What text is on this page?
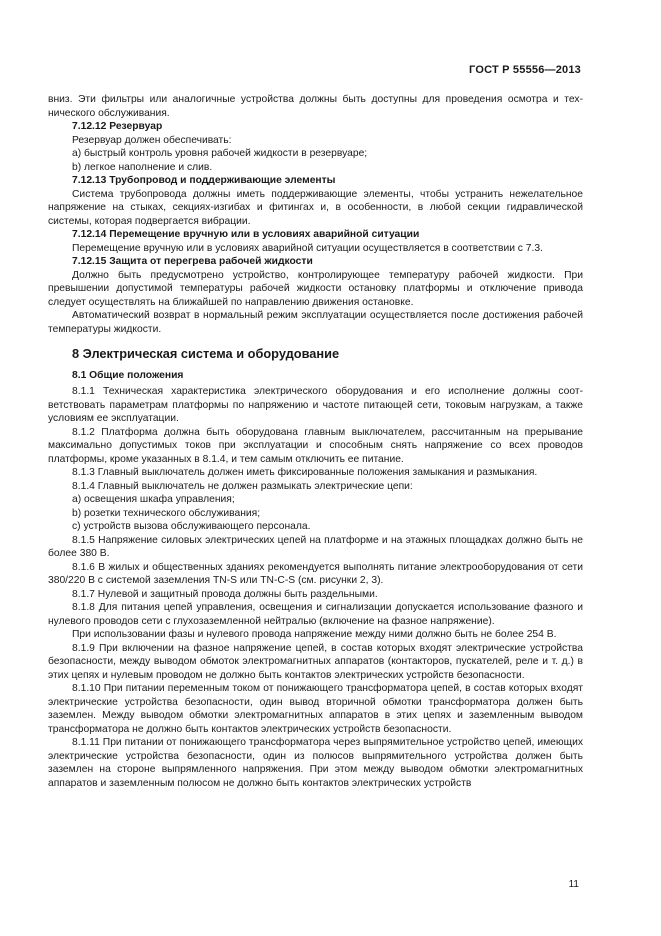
ГОСТ Р 55556—2013

вниз. Эти фильтры или аналогичные устройства должны быть доступны для проведения осмотра и технического обслуживания.

7.12.12 Резервуар

Резервуар должен обеспечивать:

a) быстрый контроль уровня рабочей жидкости в резервуаре;

b) легкое наполнение и слив.

7.12.13 Трубопровод и поддерживающие элементы

Система трубопровода должны иметь поддерживающие элементы, чтобы устранить нежелательное напряжение на стыках, секциях-изгибах и фитингах и, в особенности, в любой секции гидравлической системы, которая подвергается вибрации.

7.12.14 Перемещение вручную или в условиях аварийной ситуации

Перемещение вручную или в условиях аварийной ситуации осуществляется в соответствии с 7.3.

7.12.15 Защита от перегрева рабочей жидкости

Должно быть предусмотрено устройство, контролирующее температуру рабочей жидкости. При превышении допустимой температуры рабочей жидкости остановку платформы и отключение привода следует осуществлять на ближайшей по направлению движения остановке.

Автоматический возврат в нормальный режим эксплуатации осуществляется после достижения рабочей температуры жидкости.

8 Электрическая система и оборудование

8.1 Общие положения

8.1.1 Техническая характеристика электрического оборудования и его исполнение должны соответствовать параметрам платформы по напряжению и частоте питающей сети, токовым нагрузкам, а также условиям ее эксплуатации.

8.1.2 Платформа должна быть оборудована главным выключателем, рассчитанным на прерывание максимально допустимых токов при эксплуатации и способным снять напряжение со всех проводов платформы, кроме указанных в 8.1.4, и тем самым отключить ее питание.

8.1.3 Главный выключатель должен иметь фиксированные положения замыкания и размыкания.

8.1.4 Главный выключатель не должен размыкать электрические цепи:

a) освещения шкафа управления;

b) розетки технического обслуживания;

c) устройств вызова обслуживающего персонала.

8.1.5 Напряжение силовых электрических цепей на платформе и на этажных площадках должно быть не более 380 В.

8.1.6 В жилых и общественных зданиях рекомендуется выполнять питание электрооборудования от сети 380/220 В с системой заземления TN-S или TN-C-S (см. рисунки 2, 3).

8.1.7 Нулевой и защитный провода должны быть раздельными.

8.1.8 Для питания цепей управления, освещения и сигнализации допускается использование фазного и нулевого проводов сети с глухозаземленной нейтралью (включение на фазное напряжение).

При использовании фазы и нулевого провода напряжение между ними должно быть не более 254 В.

8.1.9 При включении на фазное напряжение цепей, в состав которых входят электрические устройства безопасности, между выводом обмоток электромагнитных аппаратов (контакторов, пускателей, реле и т. д.) в этих цепях и нулевым проводом не должно быть контактов электрических устройств безопасности.

8.1.10 При питании переменным током от понижающего трансформатора цепей, в состав которых входят электрические устройства безопасности, один вывод вторичной обмотки трансформатора должен быть заземлен. Между выводом обмотки электромагнитных аппаратов в этих цепях и заземленным выводом трансформатора не должно быть контактов электрических устройств безопасности.

8.1.11 При питании от понижающего трансформатора через выпрямительное устройство цепей, имеющих электрические устройства безопасности, один из полюсов выпрямительного устройства должен быть заземлен на стороне выпрямленного напряжения. При этом между выводом обмотки электромагнитных аппаратов и заземленным полюсом не должно быть контактов электрических устройств

11
